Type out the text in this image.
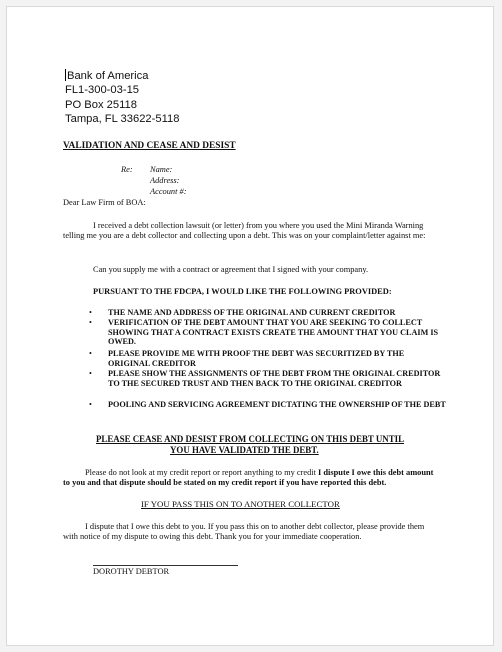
Bank of America
FL1-300-03-15
PO Box 25118
Tampa, FL 33622-5118
VALIDATION AND CEASE AND DESIST
Re: Name:
Address:
Account #:
Dear Law Firm of BOA:
I received a debt collection lawsuit (or letter) from you where you used the Mini Miranda Warning telling me you are a debt collector and collecting upon a debt. This was on your complaint/letter against me:
Can you supply me with a contract or agreement that I signed with your company.
PURSUANT TO THE FDCPA, I WOULD LIKE THE FOLLOWING PROVIDED:
• THE NAME AND ADDRESS OF THE ORIGINAL AND CURRENT CREDITOR
• VERIFICATION OF THE DEBT AMOUNT THAT YOU ARE SEEKING TO COLLECT SHOWING THAT A CONTRACT EXISTS CREATE THE AMOUNT THAT YOU CLAIM IS OWED.
• PLEASE PROVIDE ME WITH PROOF THE DEBT WAS SECURITIZED BY THE ORIGINAL CREDITOR
• PLEASE SHOW THE ASSIGNMENTS OF THE DEBT FROM THE ORIGINAL CREDITOR TO THE SECURED TRUST AND THEN BACK TO THE ORIGINAL CREDITOR
• POOLING AND SERVICING AGREEMENT DICTATING THE OWNERSHIP OF THE DEBT
PLEASE CEASE AND DESIST FROM COLLECTING ON THIS DEBT UNTIL
YOU HAVE VALIDATED THE DEBT.
Please do not look at my credit report or report anything to my credit I dispute I owe this debt amount to you and that dispute should be stated on my credit report if you have reported this debt.
IF YOU PASS THIS ON TO ANOTHER COLLECTOR
I dispute that I owe this debt to you. If you pass this on to another debt collector, please provide them with notice of my dispute to owing this debt. Thank you for your immediate cooperation.
DOROTHY DEBTOR
